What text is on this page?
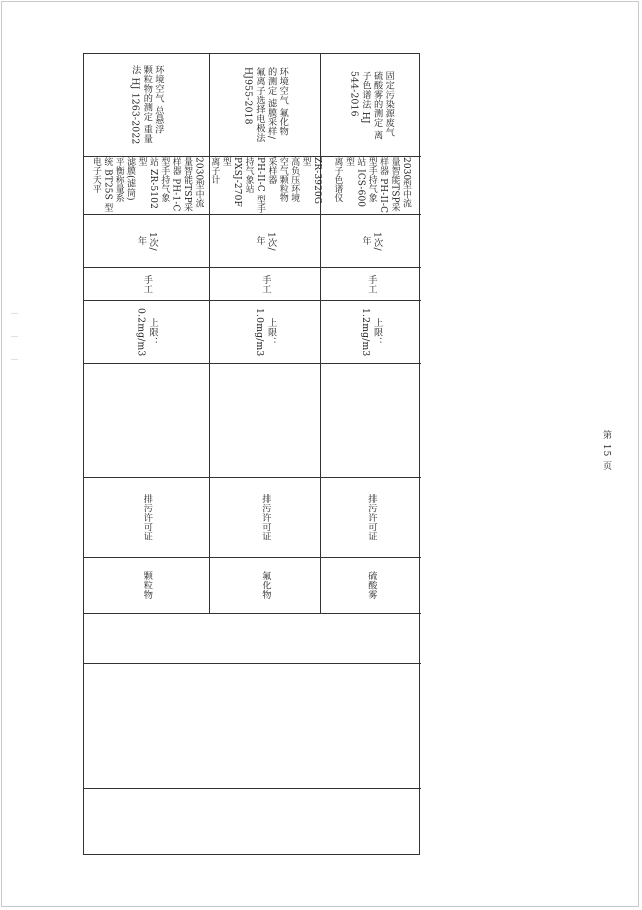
环境空气 总悬浮
颗粒物的测定 重量
法 HJ 1263-2022
2030型中流
量智能TSP采
样器 PH-1-C
型手持气象
站 ZR-5102 型
滤膜(滤筒)
平衡称量系
统 BT25S 型
电子天平
1次/
年
手工
上限：
0.2mg/m3
排污许可证
颗粒物
环境空气 氟化物
的测定 滤膜采样/
氟离子选择电极法
HJ955-2018
ZR-3920G 型
高负压环境
空气颗粒物
采样器
PH-II-C 型手
持气象站
PXSJ-270F 型
离子计
1次/
年
手工
上限：
1.0mg/m3
排污许可证
氟化物
固定污染源废气
硫酸雾的测定 离
子色谱法 HJ
544-2016
2030型中流
量智能TSP采
样器 PH-II-C
型手持气象
站 ICS-600 型
离子色谱仪
1次/
年
手工
上限：
1.2mg/m3
排污许可证
硫酸雾
第 15 页
